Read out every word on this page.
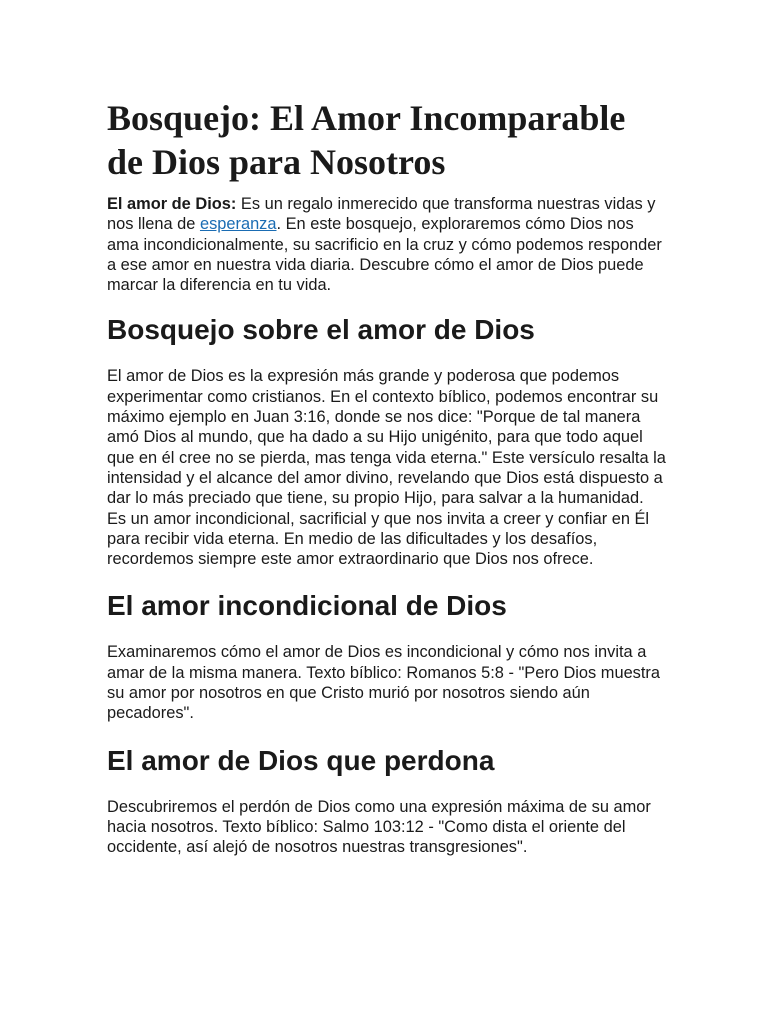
Bosquejo: El Amor Incomparable de Dios para Nosotros

El amor de Dios: Es un regalo inmerecido que transforma nuestras vidas y nos llena de esperanza. En este bosquejo, exploraremos cómo Dios nos ama incondicionalmente, su sacrificio en la cruz y cómo podemos responder a ese amor en nuestra vida diaria. Descubre cómo el amor de Dios puede marcar la diferencia en tu vida.

Bosquejo sobre el amor de Dios

El amor de Dios es la expresión más grande y poderosa que podemos experimentar como cristianos. En el contexto bíblico, podemos encontrar su máximo ejemplo en Juan 3:16, donde se nos dice: "Porque de tal manera amó Dios al mundo, que ha dado a su Hijo unigénito, para que todo aquel que en él cree no se pierda, mas tenga vida eterna." Este versículo resalta la intensidad y el alcance del amor divino, revelando que Dios está dispuesto a dar lo más preciado que tiene, su propio Hijo, para salvar a la humanidad. Es un amor incondicional, sacrificial y que nos invita a creer y confiar en Él para recibir vida eterna. En medio de las dificultades y los desafíos, recordemos siempre este amor extraordinario que Dios nos ofrece.

El amor incondicional de Dios

Examinaremos cómo el amor de Dios es incondicional y cómo nos invita a amar de la misma manera. Texto bíblico: Romanos 5:8 - "Pero Dios muestra su amor por nosotros en que Cristo murió por nosotros siendo aún pecadores".

El amor de Dios que perdona

Descubriremos el perdón de Dios como una expresión máxima de su amor hacia nosotros. Texto bíblico: Salmo 103:12 - "Como dista el oriente del occidente, así alejó de nosotros nuestras transgresiones".
